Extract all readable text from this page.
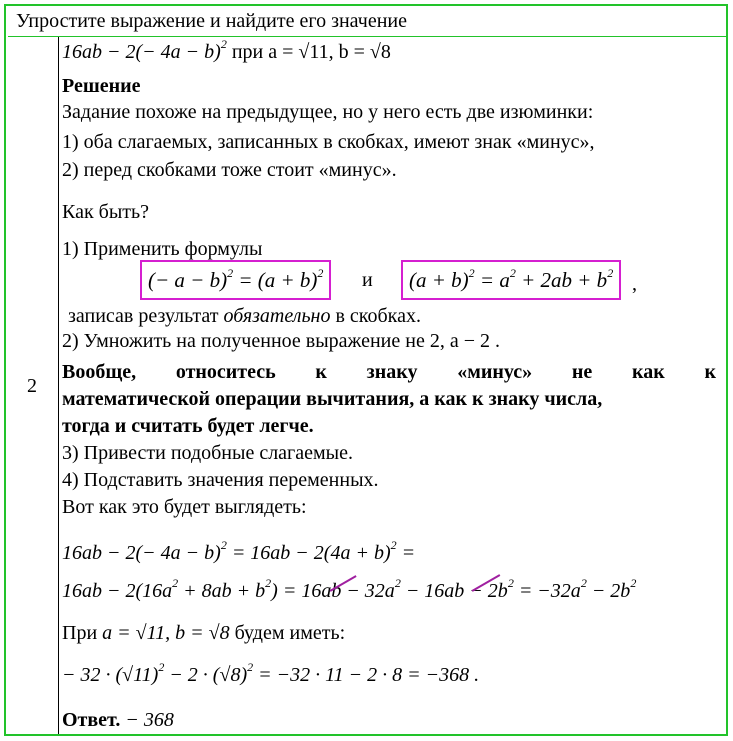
Упростите выражение и найдите его значение
2
$16ab - 2(- 4a - b)^2$ при a = √11, b = √8
Решение
Задание похоже на предыдущее, но у него есть две изюминки:
1) оба слагаемых, записанных в скобках, имеют знак «минус»,
2) перед скобками тоже стоит «минус».
Как быть?
1) Применить формулы
(− $a - b)^2 = (a + b)^2$	и	$(a + b)^2 = a^2 + 2ab + b^2$ ,
записав результат обязательно в скобках.
2) Умножить на полученное выражение не 2, а − 2 .
Вообще, относитесь к знаку «минус» не как к
математической операции вычитания, а как к знаку числа,
тогда и считать будет легче.
3) Привести подобные слагаемые.
4) Подставить значения переменных.
Вот как это будет выглядеть:
$16ab - 2(- 4a - b)^2 = 16ab - 2(4a + b)^2$ =
$16ab - 2(16a^2 + 8ab + b^2) = 16ab - 32a^2 - 16ab - 2b^2 = -32a^2 - 2b^2$
При a = √11, b = √8 будем иметь:
− $32 \cdot (√11)^2 - 2 \cdot (√8)^2 = -32 \cdot 11 - 2 \cdot 8 = -368$ .
Ответ. − 368
